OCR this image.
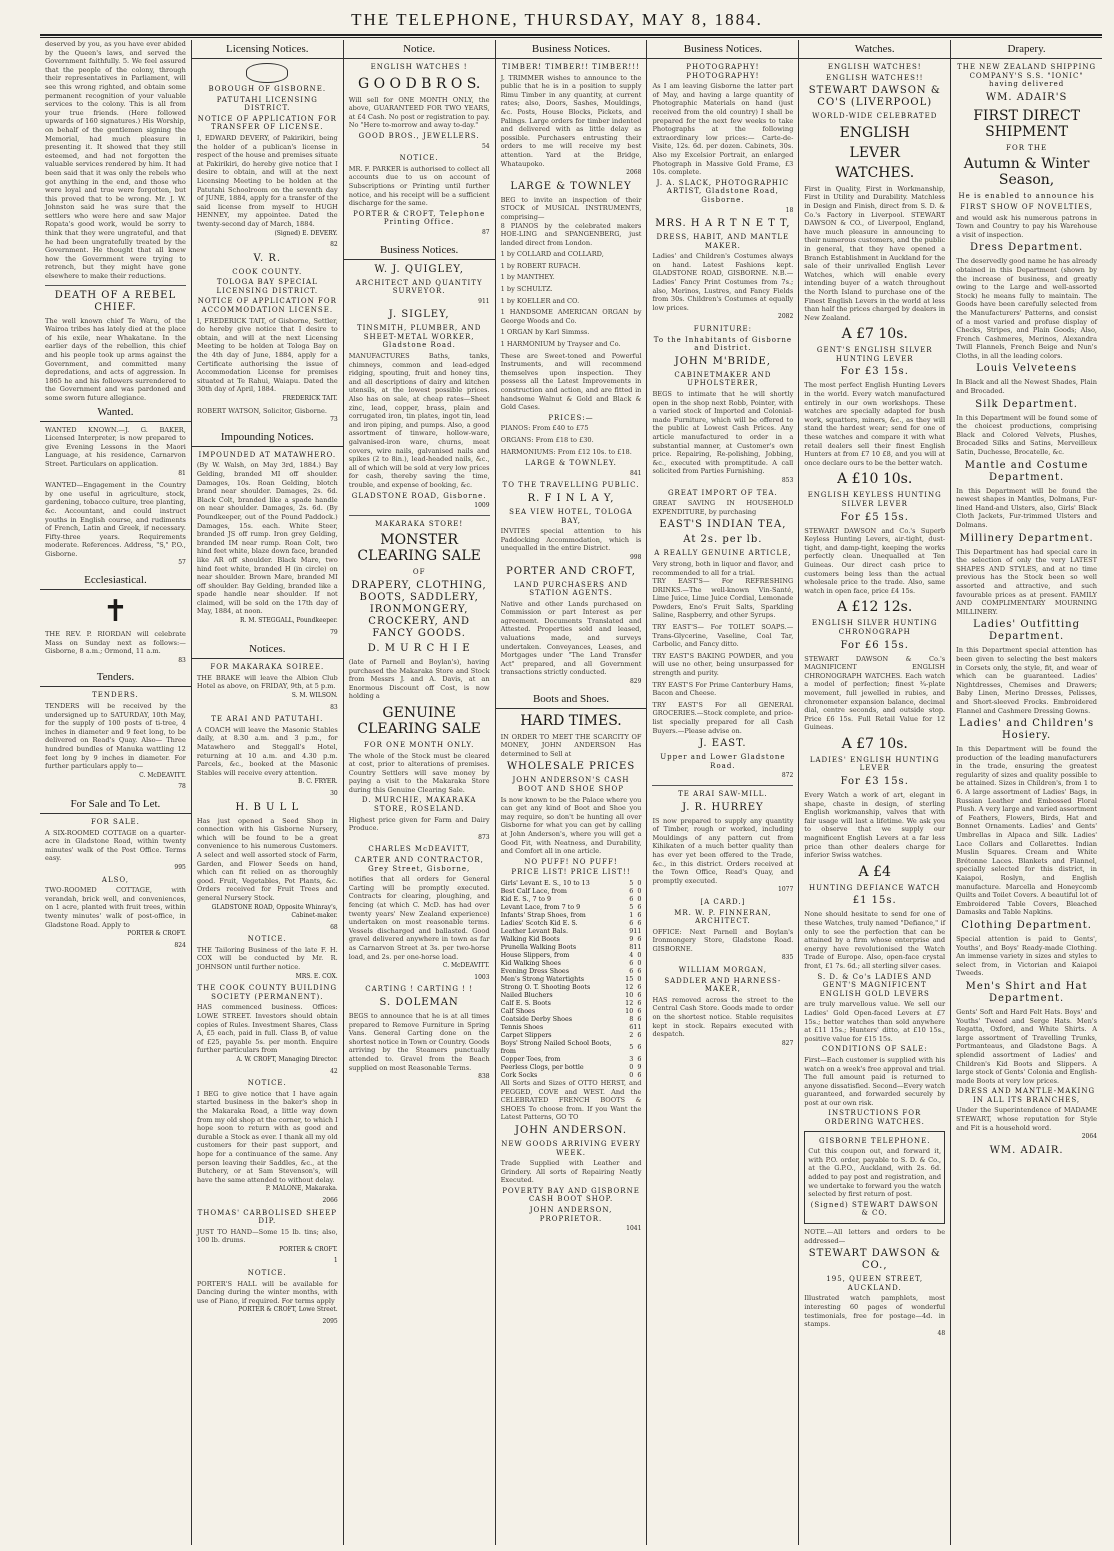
THE TELEPHONE, THURSDAY, MAY 8, 1884.
deserved by you, as you have ever abided by the Queen's laws, and served the Government faithfully. 5. We feel assured that the people of the colony, through their representatives in Parliament, will see this wrong righted, and obtain some permanent recognition of your valuable services to the colony. This is all from your true friends. (Here followed upwards of 160 signatures.) His Worship, on behalf of the gentlemen signing the Memorial, had much pleasure in presenting it. It showed that they still esteemed, and had not forgotten the valuable services rendered by him. It had been said that it was only the rebels who got anything in the end, and those who were loyal and true were forgotten, but this proved that to be wrong. Mr. J. W. Johnston said he was sure that the settlers who were here and saw Major Ropata's good work, would be sorry to think that they were ungrateful, and that he had been ungratefully treated by the Government. He thought that all knew how the Government were trying to retrench, but they might have gone elsewhere to make their reductions.
DEATH OF A REBEL CHIEF.
The well known chief Te Waru, of the Wairoa tribes has lately died at the place of his exile, near Whakatane. In the earlier days of the rebellion, this chief and his people took up arms against the Government, and committed many depredations, and acts of aggression. In 1865 he and his followers surrendered to the Government and was pardoned and some sworn future allegiance.
Wanted.
WANTED KNOWN.—J. G. BAKER, Licensed Interpreter, is now prepared to give Evening Lessons in the Maori Language, at his residence, Carnarvon Street. Particulars on application.
81
WANTED—Engagement in the Country by one useful in agriculture, stock, gardening, tobacco culture, tree planting, &c. Accountant, and could instruct youths in English course, and rudiments of French, Latin and Greek, if necessary. Fifty-three years. Requirements moderate. References. Address, "S," P.O., Gisborne.
57
Ecclesiastical.
✝
THE REV. P. RIORDAN will celebrate Mass on Sunday next as follows:—Gisborne, 8 a.m.; Ormond, 11 a.m.
83
Tenders.
TENDERS.
TENDERS will be received by the undersigned up to SATURDAY, 10th May, for the supply of 100 posts of ti-tree, 4 inches in diameter and 9 feet long, to be delivered on Read's Quay. Also— Three hundred bundles of Manuka wattling 12 feet long by 9 inches in diameter. For further particulars apply to—
C. McDEAVITT.
78
For Sale and To Let.
FOR SALE.
A SIX-ROOMED COTTAGE on a quarter-acre in Gladstone Road, within twenty minutes' walk of the Post Office. Terms easy.
995
ALSO,
TWO-ROOMED COTTAGE, with verandah, brick well, and conveniences, on 1 acre, planted with fruit trees, within twenty minutes' walk of post-office, in Gladstone Road. Apply to
PORTER & CROFT.
824
Licensing Notices.
BOROUGH OF GISBORNE.
PATUTAHI LICENSING DISTRICT.
NOTICE OF APPLICATION FOR TRANSFER OF LICENSE.
I, EDWARD DEVERY, of Pakirikiri, being the holder of a publican's license in respect of the house and premises situate at Pakirikiri, do hereby give notice that I desire to obtain, and will at the next Licensing Meeting to be holden at the Patutahi Schoolroom on the seventh day of JUNE, 1884, apply for a transfer of the said license from myself to HUGH HENNEY, my appointee. Dated the twenty-second day of March, 1884.
(Signed) E. DEVERY.
82
V. R.
COOK COUNTY.
TOLOGA BAY SPECIAL LICENSING DISTRICT.
NOTICE OF APPLICATION FOR ACCOMMODATION LICENSE.
I, FREDERICK TAIT, of Gisborne, Settler, do hereby give notice that I desire to obtain, and will at the next Licensing Meeting to be holden at Tologa Bay on the 4th day of June, 1884, apply for a Certificate authorising the issue of Accommodation License for premises situated at Te Rahui, Waiapu. Dated the 30th day of April, 1884.
FREDERICK TAIT.
ROBERT WATSON, Solicitor, Gisborne.
73
Impounding Notices.
IMPOUNDED AT MATAWHERO.
(By W. Walsh, on May 3rd, 1884.) Bay Gelding, branded MI off shoulder. Damages, 10s. Roan Gelding, blotch brand near shoulder. Damages, 2s. 6d. Black Colt, branded like a spade handle on near shoulder. Damages, 2s. 6d. (By Poundkeeper, out of the Pound Paddock.) Damages, 15s. each. White Steer, branded JS off rump. Iron grey Gelding, branded IM near rump. Roan Colt, two hind feet white, blaze down face, branded like AR off shoulder. Black Mare, two hind feet white, branded H (in circle) on near shoulder. Brown Mare, branded MI off shoulder. Bay Gelding, branded like a spade handle near shoulder. If not claimed, will be sold on the 17th day of May, 1884, at noon.
R. M. STEGGALL, Poundkeeper.
79
Notices.
FOR MAKARAKA SOIREE.
THE BRAKE will leave the Albion Club Hotel as above, on FRIDAY, 9th, at 5 p.m.
S. M. WILSON.
83
TE ARAI AND PATUTAHI.
A COACH will leave the Masonic Stables daily, at 8.30 a.m. and 3 p.m., for Matawhero and Steggall's Hotel, returning at 10 a.m. and 4.30 p.m. Parcels, &c., booked at the Masonic Stables will receive every attention.
B. C. FRYER.
30
H. B U L L
Has just opened a Seed Shop in connection with his Gisborne Nursery, which will be found to be a great convenience to his numerous Customers. A select and well assorted stock of Farm, Garden, and Flower Seeds on hand, which can fit relied on as thoroughly good. Fruit, Vegetables, Pot Plants, &c. Orders received for Fruit Trees and general Nursery Stock.
GLADSTONE ROAD, Opposite Whinray's, Cabinet-maker.
68
NOTICE.
THE Tailoring Business of the late F. H. COX will be conducted by Mr. R. JOHNSON until further notice.
MRS. E. COX.
THE COOK COUNTY BUILDING SOCIETY (PERMANENT).
HAS commenced business. Offices: LOWE STREET. Investors should obtain copies of Rules. Investment Shares, Class A, £5 each, paid in full. Class B, of value of £25, payable 5s. per month. Enquire further particulars from
A. W. CROFT, Managing Director.
42
NOTICE.
I BEG to give notice that I have again started business in the baker's shop in the Makaraka Road, a little way down from my old shop at the corner, to which I hope soon to return with as good and durable a Stock as ever. I thank all my old customers for their past support, and hope for a continuance of the same. Any person leaving their Saddles, &c., at the Butchery, or at Sam Stevenson's, will have the same attended to without delay.
P. MALONE, Makaraka.
2066
THOMAS' CARBOLISED SHEEP DIP.
JUST TO HAND—Some 15 lb. tins; also, 100 lb. drums.
PORTER & CROFT.
1
NOTICE.
PORTER'S HALL will be available for Dancing during the winter months, with use of Piano, if required. For terms apply
PORTER & CROFT, Lowe Street.
2095
Notice.
ENGLISH WATCHES !
G O O D B R O S.
Will sell for ONE MONTH ONLY, the above, GUARANTEED FOR TWO YEARS, at £4 Cash. No post or registration to pay. No "Here to-morrow and away to-day."
GOOD BROS., JEWELLERS.
54
NOTICE.
MR. F. PARKER is authorised to collect all accounts due to us on account of Subscriptions or Printing until further notice, and his receipt will be a sufficient discharge for the same.
PORTER & CROFT, Telephone Printing Office.
87
Business Notices.
W. J. QUIGLEY,
ARCHITECT AND QUANTITY SURVEYOR.
911
J. SIGLEY,
TINSMITH, PLUMBER, AND SHEET-METAL WORKER, Gladstone Road.
MANUFACTURES Baths, tanks, chimneys, common and lead-edged ridging, spouting, fruit and honey tins, and all descriptions of dairy and kitchen utensils, at the lowest possible prices. Also has on sale, at cheap rates—Sheet zinc, lead, copper, brass, plain and corrugated iron, tin plates, ingot tin, lead and iron piping, and pumps. Also, a good assortment of tinware, hollow-ware, galvanised-iron ware, churns, meat covers, wire nails, galvanised nails and spikes (2 to 8in.), lead-headed nails, &c., all of which will be sold at very low prices for cash, thereby saving the time, trouble, and expense of booking, &c.
GLADSTONE ROAD, Gisborne.
1009
MAKARAKA STORE!
MONSTER CLEARING SALE
OF
DRAPERY, CLOTHING, BOOTS, SADDLERY, IRONMONGERY, CROCKERY, AND FANCY GOODS.
D. M U R C H I E
(late of Parnell and Boylan's), having purchased the Makaraka Store and Stock from Messrs J. and A. Davis, at an Enormous Discount off Cost, is now holding a
GENUINE CLEARING SALE
FOR ONE MONTH ONLY.
The whole of the Stock must be cleared at cost, prior to alterations of premises. Country Settlers will save money by paying a visit to the Makaraka Store during this Genuine Clearing Sale.
D. MURCHIE, MAKARAKA STORE, ROSELAND.
Highest price given for Farm and Dairy Produce.
873
CHARLES McDEAVITT,
CARTER AND CONTRACTOR, Grey Street, Gisborne,
notifies that all orders for General Carting will be promptly executed. Contracts for clearing, ploughing, and fencing (at which C. McD. has had over twenty years' New Zealand experience) undertaken on most reasonable terms. Vessels discharged and ballasted. Good gravel delivered anywhere in town as far as Carnarvon Street at 3s. per two-horse load, and 2s. per one-horse load.
C. McDEAVITT.
1003
CARTING ! CARTING ! !
S. DOLEMAN
BEGS to announce that he is at all times prepared to Remove Furniture in Spring Vans. General Carting done on the shortest notice in Town or Country. Goods arriving by the Steamers punctually attended to. Gravel from the Beach supplied on most Reasonable Terms.
838
Business Notices.
TIMBER! TIMBER!! TIMBER!!!
J. TRIMMER wishes to announce to the public that he is in a position to supply Rimu Timber in any quantity, at current rates; also, Doors, Sashes, Mouldings, &c. Posts, House Blocks, Pickets, and Palings. Large orders for timber indented and delivered with as little delay as possible. Purchasers entrusting their orders to me will receive my best attention. Yard at the Bridge, Whataupoko.
2068
LARGE & TOWNLEY
BEG to invite an inspection of their STOCK of MUSICAL INSTRUMENTS, comprising—

8 PIANOS by the celebrated makers HOE-LING and SPANGENBERG, just landed direct from London.

1 by COLLARD and COLLARD,

1 by ROBERT RUFACH.

1 by MANTHEY.

1 by SCHULTZ.

1 by KOELLER and CO.

1 HANDSOME AMERICAN ORGAN by George Woods and Co.

1 ORGAN by Karl Simmss.

1 HARMONIUM by Trayser and Co.

These are Sweet-toned and Powerful Instruments, and will recommend themselves upon inspection. They possess all the Latest Improvements in construction and action, and are fitted in handsome Walnut & Gold and Black & Gold Cases.
PRICES:—

PIANOS: From £40 to £75

ORGANS: From £18 to £30.

HARMONIUMS: From £12 10s. to £18.

LARGE & TOWNLEY.
841
TO THE TRAVELLING PUBLIC.
R. F I N L A Y,
SEA VIEW HOTEL, TOLOGA BAY,
INVITES special attention to his Paddocking Accommodation, which is unequalled in the entire District.
998
PORTER AND CROFT,
LAND PURCHASERS AND STATION AGENTS.
Native and other Lands purchased on Commission or part Interest as per agreement. Documents Translated and Attested. Properties sold and leased, valuations made, and surveys undertaken. Conveyances, Leases, and Mortgages under "The Land Transfer Act" prepared, and all Government transactions strictly conducted.
829
Boots and Shoes.
HARD TIMES.
IN ORDER TO MEET THE SCARCITY OF MONEY, JOHN ANDERSON Has determined to Sell at
WHOLESALE PRICES
JOHN ANDERSON'S CASH BOOT AND SHOE SHOP
Is now known to be the Palace where you can get any kind of Boot and Shoe you may require, so don't be hunting all over Gisborne for what you can get by calling at John Anderson's, where you will get a Good Fit, with Neatness, and Durability, and Comfort all in one article.
NO PUFF! NO PUFF!
PRICE LIST! PRICE LIST!!
Girls' Levant E. S., 10 to 13	5	0
Best Calf Lace, from	6	0
Kid E. S., 7 to 9	6	0
Levant Lace, from 7 to 9	5	6
Infants' Strap Shoes, from	1	6
Ladies' Scotch Kid E. S.	6	6
Leather Levant Bals.	9	11
Walking Kid Boots	9	6
Prunella Walking Boots	8	11
House Slippers, from	4	0
Kid Walking Shoes	6	0
Evening Dress Shoes	6	6
Men's Strong Watertights	15	0
Strong O. T. Shooting Boots	12	6
Nailed Bluchers	10	6
Calf E. S. Boots	12	6
Calf Shoes	10	6
Coatside Derby Shoes	8	6
Tennis Shoes	6	11
Carpet Slippers	2	6
Boys' Strong Nailed School Boots, from	5	6
Copper Toes, from	3	6
Peerless Clogs, per bottle	0	9
Cork Socks	0	6
All Sorts and Sizes of OTTO HERST, and PEGGED, COVE and WEST. And the CELEBRATED FRENCH BOOTS & SHOES To choose from. If you Want the Latest Patterns, GO TO
JOHN ANDERSON.
NEW GOODS ARRIVING EVERY WEEK.
Trade Supplied with Leather and Grindery. All sorts of Repairing Neatly Executed.
POVERTY BAY AND GISBORNE CASH BOOT SHOP.
JOHN ANDERSON, PROPRIETOR.
1041
Business Notices.
PHOTOGRAPHY! PHOTOGRAPHY!
As I am leaving Gisborne the latter part of May, and having a large quantity of Photographic Materials on hand (just received from the old country) I shall be prepared for the next few weeks to take Photographs at the following extraordinary low prices:— Carte-de-Visite, 12s. 6d. per dozen. Cabinets, 30s. Also my Excelsior Portrait, an enlarged Photograph in Massive Gold Frame, £3 10s. complete.
J. A. SLACK, PHOTOGRAPHIC ARTIST, Gladstone Road, Gisborne.
18
MRS. H A R T N E T T,
DRESS, HABIT, AND MANTLE MAKER.
Ladies' and Children's Costumes always on hand. Latest Fashions kept. GLADSTONE ROAD, GISBORNE. N.B.—Ladies' Fancy Print Costumes from 7s.; also, Merinos, Lustres, and Fancy Fields from 30s. Children's Costumes at equally low prices.
2082
FURNITURE:
To the Inhabitants of Gisborne and District.
JOHN M'BRIDE,
CABINETMAKER AND UPHOLSTERER,
BEGS to intimate that he will shortly open in the shop next Robb, Pointer, with a varied stock of Imported and Colonial-made Furniture, which will be offered to the public at Lowest Cash Prices. Any article manufactured to order in a substantial manner, at Customer's own price. Repairing, Re-polishing, Jobbing, &c., executed with promptitude. A call solicited from Parties Furnishing.
853
GREAT IMPORT OF TEA.
GREAT SAVING IN HOUSEHOLD EXPENDITURE, by purchasing
EAST'S INDIAN TEA,
At 2s. per lb.
A REALLY GENUINE ARTICLE,
Very strong, both in liquor and flavor, and recommended to all for a trial.

TRY EAST'S— For REFRESHING DRINKS.—The well-known Vin-Santé, Lime Juice, Lime Juice Cordial, Lemonade Powders, Eno's Fruit Salts, Sparkling Saline, Raspberry, and other Syrups.

TRY EAST'S— For TOILET SOAPS.—Trans-Glycerine, Vaseline, Coal Tar, Carbolic, and Fancy ditto.

TRY EAST'S BAKING POWDER, and you will use no other, being unsurpassed for strength and purity.

TRY EAST'S For Prime Canterbury Hams, Bacon and Cheese.

TRY EAST'S For all GENERAL GROCERIES.—Stock complete, and price-list specially prepared for all Cash Buyers.—Please advise on.

J. EAST.
Upper and Lower Gladstone Road.
872
TE ARAI SAW-MILL.
J. R. HURREY
IS now prepared to supply any quantity of Timber, rough or worked, including Mouldings of any pattern cut from Kihikaten of a much better quality than has ever yet been offered to the Trade, &c., in this district. Orders received at the Town Office, Read's Quay, and promptly executed.
1077
[A CARD.]
MR. W. P. FINNERAN, ARCHITECT.
OFFICE: Next Parnell and Boylan's Ironmongery Store, Gladstone Road. GISBORNE.
835
WILLIAM MORGAN,
SADDLER AND HARNESS-MAKER,
HAS removed across the street to the Central Cash Store. Goods made to order on the shortest notice. Stable requisites kept in stock. Repairs executed with despatch.
827
Watches.
ENGLISH WATCHES!
ENGLISH WATCHES!!
STEWART DAWSON & CO'S (LIVERPOOL)
WORLD-WIDE CELEBRATED
ENGLISH
LEVER
WATCHES.
First in Quality, First in Workmanship, First in Utility and Durability. Matchless in Design and Finish, direct from S. D. & Co.'s Factory in Liverpool. STEWART DAWSON & CO., of Liverpool, England, have much pleasure in announcing to their numerous customers, and the public in general, that they have opened a Branch Establishment in Auckland for the sale of their unrivalled English Lever Watches, which will enable every intending buyer of a watch throughout the North Island to purchase one of the Finest English Levers in the world at less than half the prices charged by dealers in New Zealand.
A £7 10s.
GENT'S ENGLISH SILVER HUNTING LEVER
For £3 15s.
The most perfect English Hunting Levers in the world. Every watch manufactured entirely in our own workshops. These watches are specially adapted for bush work, squatters, miners, &c., as they will stand the hardest wear; send for one of these watches and compare it with what retail dealers sell their finest English Hunters at from £7 10 £8, and you will at once declare ours to be the better watch.
A £10 10s.
ENGLISH KEYLESS HUNTING SILVER LEVER
For £5 15s.
STEWART DAWSON and Co.'s Superb Keyless Hunting Levers, air-tight, dust-tight, and damp-tight, keeping the works perfectly clean. Unequalled at Ten Guineas. Our direct cash price to customers being less than the actual wholesale price to the trade. Also, same watch in open face, price £4 15s.
A £12 12s.
ENGLISH SILVER HUNTING CHRONOGRAPH
For £6 15s.
STEWART DAWSON & Co.'s MAGNIFICENT ENGLISH CHRONOGRAPH WATCHES. Each watch a model of perfection; finest ¾-plate movement, full jewelled in rubies, and chronometer expansion balance, decimal dial, centre seconds, and outside stop. Price £6 15s. Full Retail Value for 12 Guineas.
A £7 10s.
LADIES' ENGLISH HUNTING LEVER
For £3 15s.
Every Watch a work of art, elegant in shape, chaste in design, of sterling English workmanship, valves that with fair usage will last a lifetime. We ask you to observe that we supply our magnificent English Levers at a far less price than other dealers charge for inferior Swiss watches.
A £4
HUNTING DEFIANCE WATCH
£1 15s.
None should hesitate to send for one of these Watches, truly named "Defiance," if only to see the perfection that can be attained by a firm whose enterprise and energy have revolutionised the Watch Trade of Europe. Also, open-face crystal front, £1 7s. 6d.; all sterling silver cases.
S. D. & Co's LADIES AND GENT'S MAGNIFICENT ENGLISH GOLD LEVERS
are truly marvellous value. We sell our Ladies' Gold Open-faced Levers at £7 15s.; better watches than sold anywhere at £11 15s.; Hunters' ditto, at £10 15s., positive value for £15 15s.
CONDITIONS OF SALE:
First—Each customer is supplied with his watch on a week's free approval and trial. The full amount paid is returned to anyone dissatisfied. Second—Every watch guaranteed, and forwarded securely by post at our own risk.
INSTRUCTIONS FOR ORDERING WATCHES.
GISBORNE TELEPHONE.
Cut this coupon out, and forward it, with P.O. order, payable to S. D. & Co., at the G.P.O., Auckland, with 2s. 6d. added to pay post and registration, and we undertake to forward you the watch selected by first return of post.
(Signed) STEWART DAWSON & CO.
NOTE.—All letters and orders to be addressed—
STEWART DAWSON & CO.,
195, QUEEN STREET, AUCKLAND.
Illustrated watch pamphlets, most interesting 60 pages of wonderful testimonials, free for postage—4d. in stamps.
48
Drapery.
THE NEW ZEALAND SHIPPING COMPANY'S S.S. "IONIC" having delivered
WM. ADAIR'S
FIRST DIRECT SHIPMENT
FOR THE
Autumn & Winter Season,
He is enabled to announce his
FIRST SHOW OF NOVELTIES,
and would ask his numerous patrons in Town and Country to pay his Warehouse a visit of inspection.
Dress Department.
The deservedly good name he has already obtained in this Department (shown by the increase of business, and greatly owing to the Large and well-assorted Stock) he means fully to maintain. The Goods have been carefully selected from the Manufacturers' Patterns, and consist of a most varied and profuse display of Checks, Stripes, and Plain Goods; Also, French Cashmeres, Merinos, Alexandra Twill Flannels, French Beige and Nun's Cloths, in all the leading colors.
Louis Velveteens
In Black and all the Newest Shades, Plain and Brocaded.
Silk Department.
In this Department will be found some of the choicest productions, comprising Black and Colored Velvets, Plushes, Brocaded Silks and Satins, Merveilleux Satin, Duchesse, Brocatelle, &c.
Mantle and Costume Department.
In this Department will be found the newest shapes in Mantles, Dolmans, Fur-lined Hand-and Ulsters, also, Girls' Black Cloth Jackets, Fur-trimmed Ulsters and Dolmans.
Millinery Department.
This Department has had special care in the selection of only the very LATEST SHAPES AND STYLES, and at no time previous has the Stock been so well assorted and attractive, and such favourable prices as at present. FAMILY AND COMPLIMENTARY MOURNING MILLINERY.
Ladies' Outfitting Department.
In this Department special attention has been given to selecting the best makers in Corsets only, the style, fit, and wear of which can be guaranteed. Ladies' Nightdresses, Chemises and Drawers; Baby Linen, Merino Dresses, Pelisses, and Short-sleeved Frocks. Embroidered Flannel and Cashmere Dressing Gowns.
Ladies' and Children's Hosiery.
In this Department will be found the production of the leading manufacturers in the trade, ensuring the greatest regularity of sizes and quality possible to be attained. Sizes in Children's, from 1 to 6. A large assortment of Ladies' Bags, in Russian Leather and Embossed Floral Plush. A very large and varied assortment of Feathers, Flowers, Birds, Hat and Bonnet Ornaments. Ladies' and Gents' Umbrellas in Alpaca and Silk. Ladies' Lace Collars and Collarettes. Indian Muslin Squares. Cream and White Brétonne Laces. Blankets and Flannel, specially selected for this district, in Kaiapoi, Roslyn, and English manufacture. Marcella and Honeycomb Quilts and Toilet Covers. A beautiful lot of Embroidered Table Covers, Bleached Damasks and Table Napkins.
Clothing Department.
Special attention is paid to Gents', Youths', and Boys' Ready-made Clothing. An immense variety in sizes and styles to select from, in Victorian and Kaiapoi Tweeds.
Men's Shirt and Hat Department.
Gents' Soft and Hard Felt Hats. Boys' and Youths' Tweed and Serge Hats. Men's Regatta, Oxford, and White Shirts. A large assortment of Travelling Trunks, Portmanteaus, and Gladstone Bags. A splendid assortment of Ladies' and Children's Kid Boots and Slippers. A large stock of Gents' Colonia and English-made Boots at very low prices.
DRESS AND MANTLE-MAKING IN ALL ITS BRANCHES,
Under the Superintendence of MADAME STEWART, whose reputation for Style and Fit is a household word.
2064
WM. ADAIR.
